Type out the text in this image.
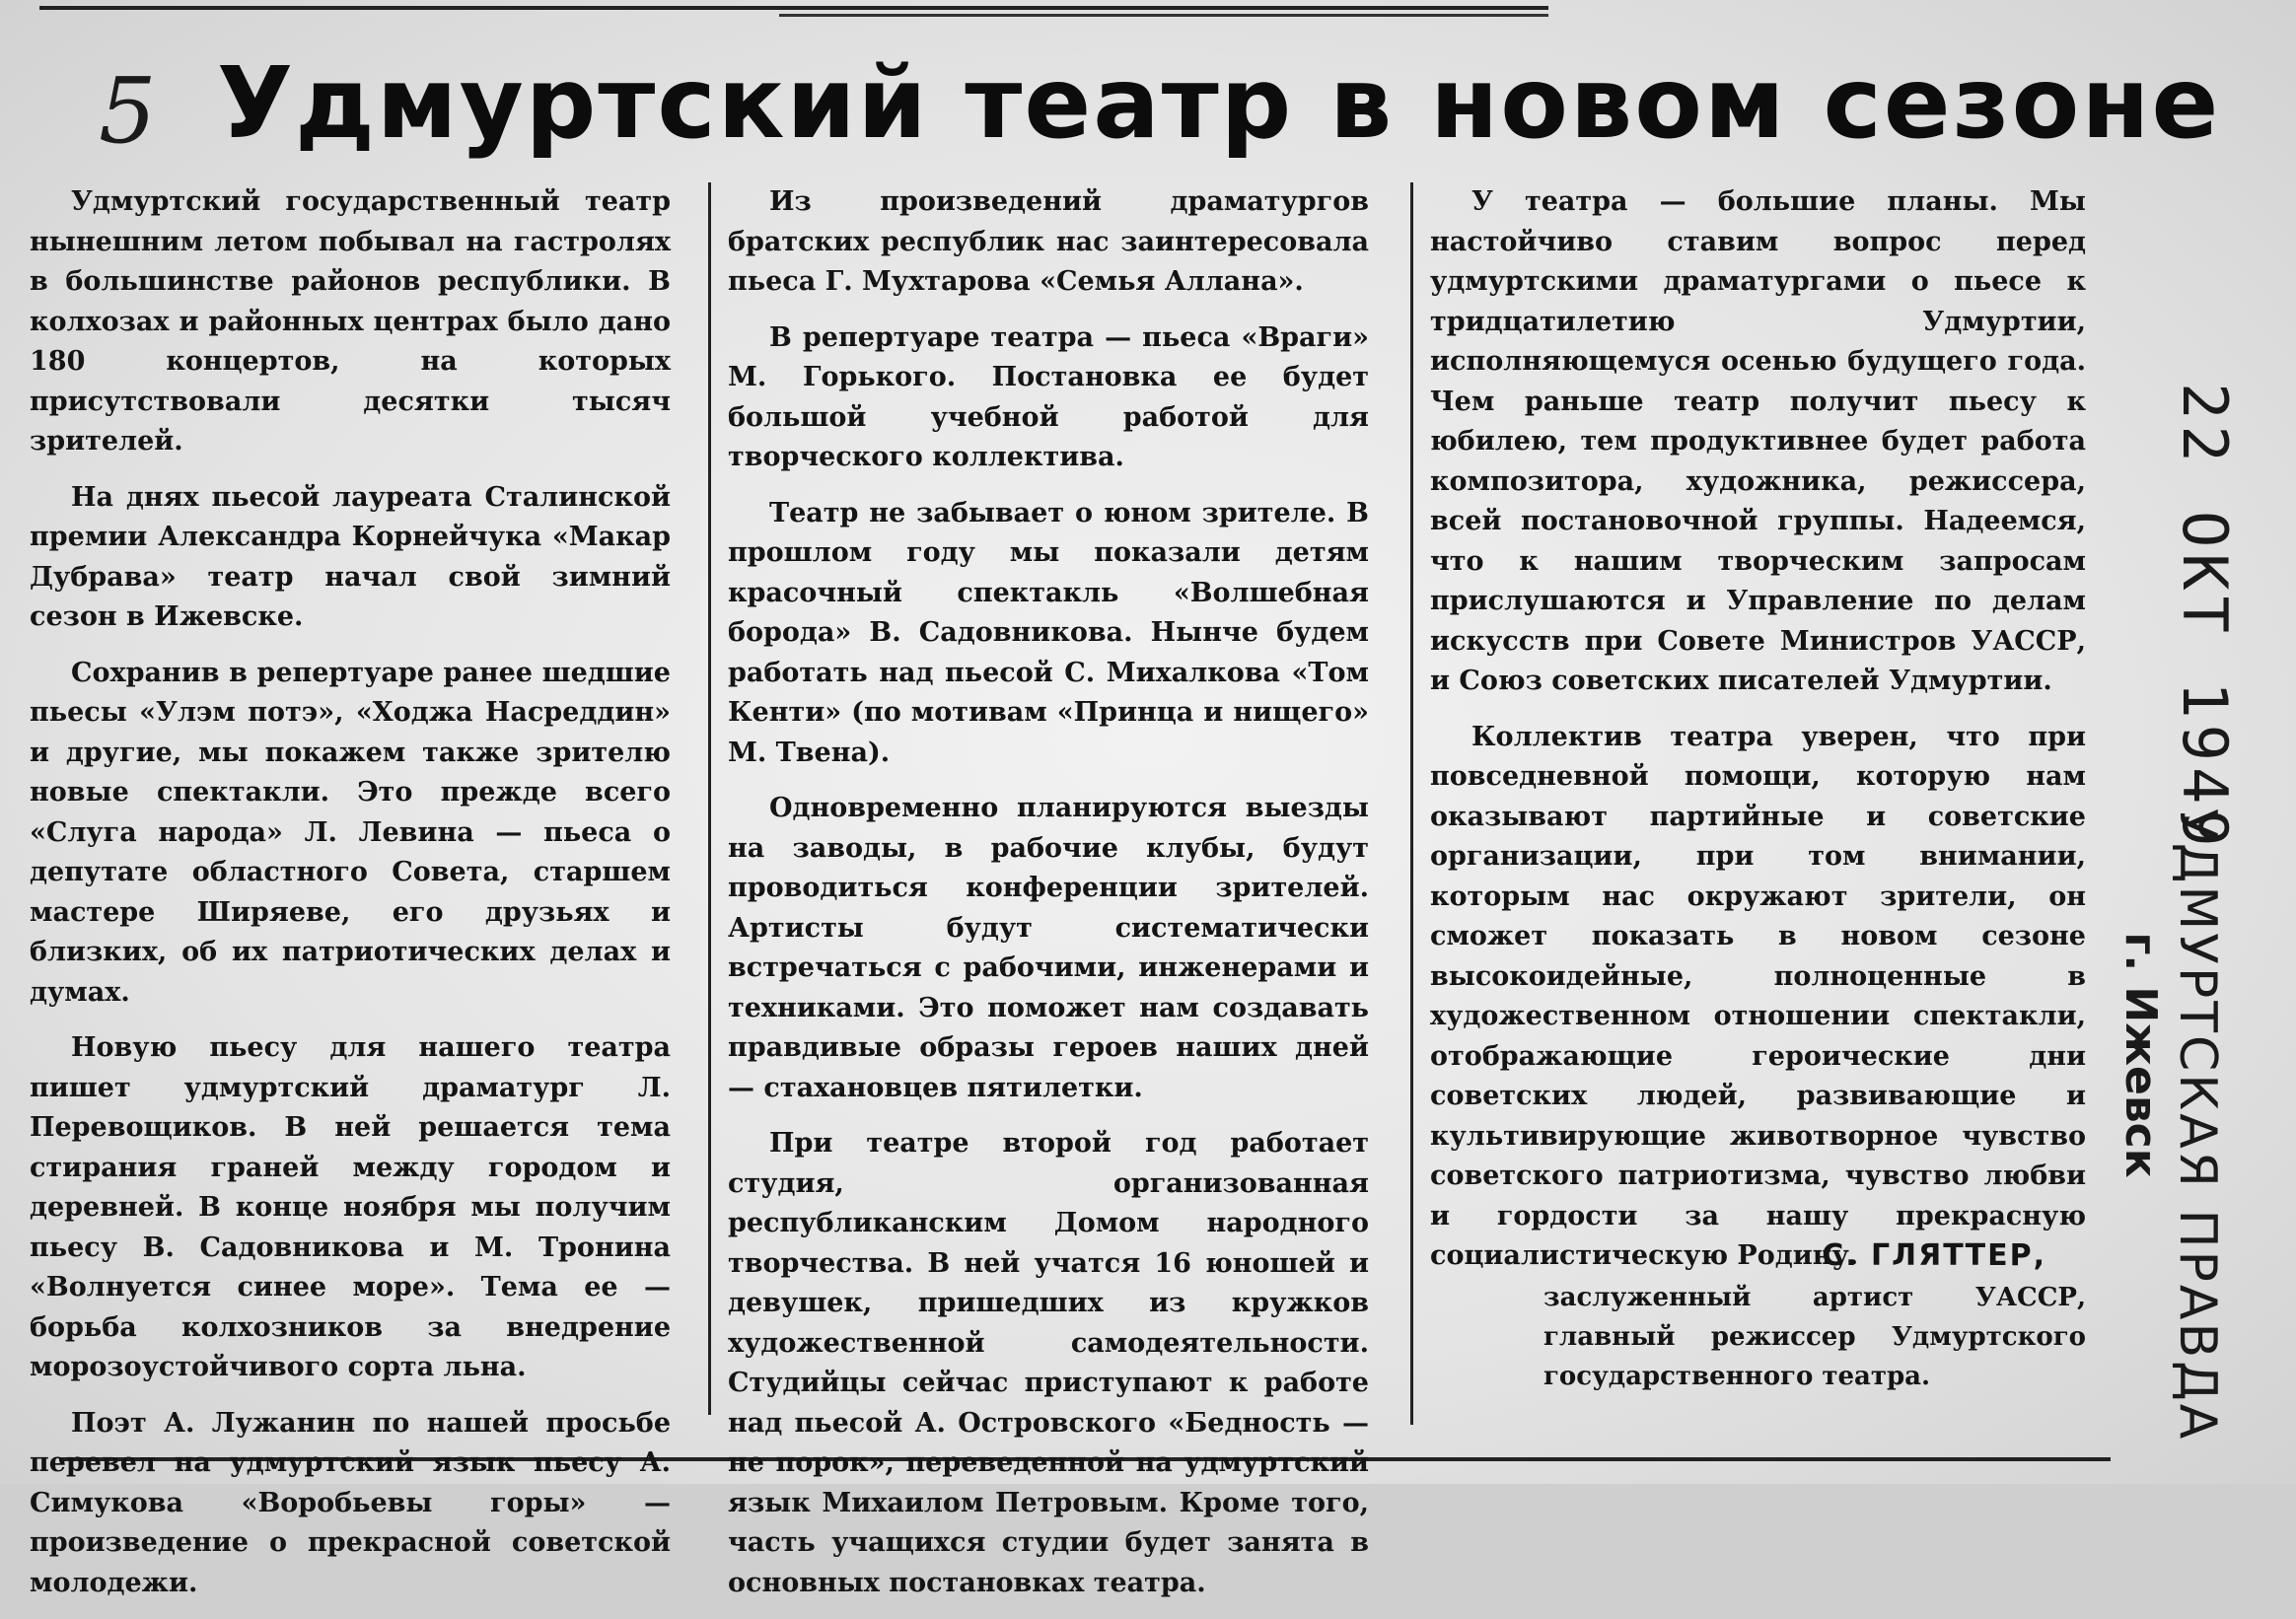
5 Удмуртский театр в новом сезоне

Удмуртский государственный театр нынешним летом побывал на гастролях в большинстве районов республики. В колхозах и районных центрах было дано 180 концертов, на которых присутствовали десятки тысяч зрителей.

На днях пьесой лауреата Сталинской премии Александра Корнейчука «Макар Дубрава» театр начал свой зимний сезон в Ижевске.

Сохранив в репертуаре ранее шедшие пьесы «Улэм потэ», «Ходжа Насреддин» и другие, мы покажем также зрителю новые спектакли. Это прежде всего «Слуга народа» Л. Левина — пьеса о депутате областного Совета, старшем мастере Ширяеве, его друзьях и близких, об их патриотических делах и думах.

Новую пьесу для нашего театра пишет удмуртский драматург Л. Перевощиков. В ней решается тема стирания граней между городом и деревней. В конце ноября мы получим пьесу В. Садовникова и М. Тронина «Волнуется синее море». Тема ее — борьба колхозников за внедрение морозоустойчивого сорта льна.

Поэт А. Лужанин по нашей просьбе перевел на удмуртский язык пьесу А. Симукова «Воробьевы горы» — произведение о прекрасной советской молодежи.

Из произведений драматургов братских республик нас заинтересовала пьеса Г. Мухтарова «Семья Аллана».

В репертуаре театра — пьеса «Враги» М. Горького. Постановка ее будет большой учебной работой для творческого коллектива.

Театр не забывает о юном зрителе. В прошлом году мы показали детям красочный спектакль «Волшебная борода» В. Садовникова. Нынче будем работать над пьесой С. Михалкова «Том Кенти» (по мотивам «Принца и нищего» М. Твена).

Одновременно планируются выезды на заводы, в рабочие клубы, будут проводиться конференции зрителей. Артисты будут систематически встречаться с рабочими, инженерами и техниками. Это поможет нам создавать правдивые образы героев наших дней — стахановцев пятилетки.

При театре второй год работает студия, организованная республиканским Домом народного творчества. В ней учатся 16 юношей и девушек, пришедших из кружков художественной самодеятельности. Студийцы сейчас приступают к работе над пьесой А. Островского «Бедность — не порок», переведенной на удмуртский язык Михаилом Петровым. Кроме того, часть учащихся студии будет занята в основных постановках театра.

У театра — большие планы. Мы настойчиво ставим вопрос перед удмуртскими драматургами о пьесе к тридцатилетию Удмуртии, исполняющемуся осенью будущего года. Чем раньше театр получит пьесу к юбилею, тем продуктивнее будет работа композитора, художника, режиссера, всей постановочной группы. Надеемся, что к нашим творческим запросам прислушаются и Управление по делам искусств при Совете Министров УАССР, и Союз советских писателей Удмуртии.

Коллектив театра уверен, что при повседневной помощи, которую нам оказывают партийные и советские организации, при том внимании, которым нас окружают зрители, он сможет показать в новом сезоне высокоидейные, полноценные в художественном отношении спектакли, отображающие героические дни советских людей, развивающие и культивирующие животворное чувство советского патриотизма, чувство любви и гордости за нашу прекрасную социалистическую Родину.

С. ГЛЯТТЕР,
заслуженный артист УАССР, главный режиссер Удмуртского государственного театра.
22 ОКТ 1949
УДМУРТСКАЯ ПРАВДА
г. Ижевск
